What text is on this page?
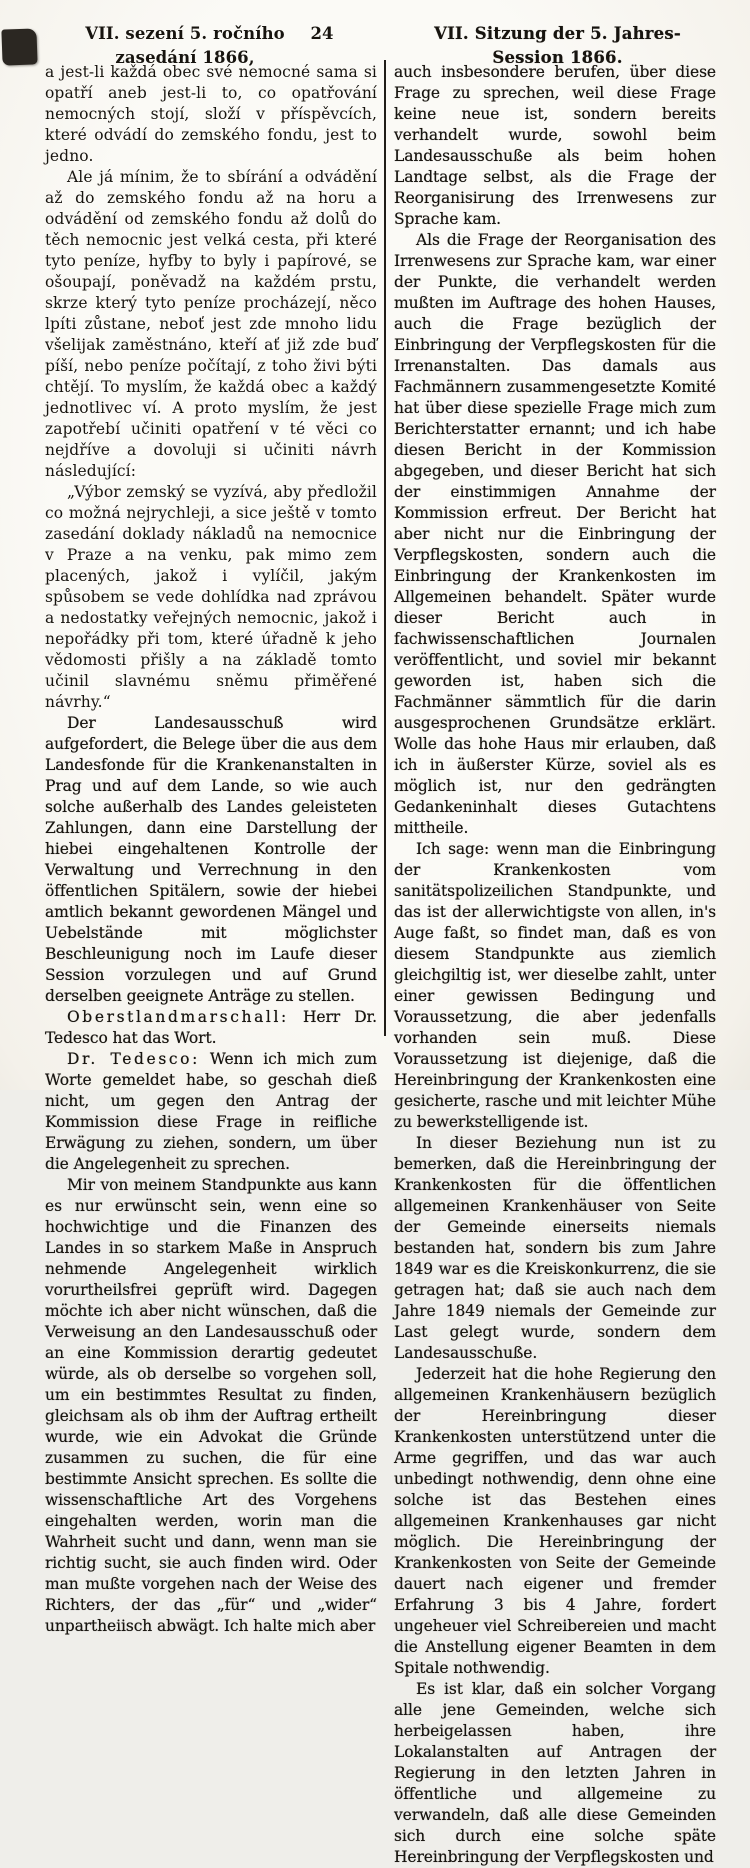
VII. sezení 5. ročního zasedání 1866,
24	VII. Sitzung der 5. Jahres-Session 1866.

a jest-li každá obec své nemocné sama si opatří aneb jest-li to, co opatřování nemocných stojí, složí v příspěvcích, které odvádí do zemského fondu, jest to jedno.

Ale já mínim, že to sbírání a odvádění až do zemského fondu až na horu a odvádění od zemského fondu až dolů do těch nemocnic jest velká cesta, při které tyto peníze, hyfby to byly i papírové, se ošoupají, poněvadž na každém prstu, skrze který tyto peníze procházejí, něco lpíti zůstane, neboť jest zde mnoho lidu všelijak zaměstnáno, kteří ať již zde buď píší, nebo peníze počítají, z toho živi býti chtějí. To myslím, že každá obec a každý jednotlivec ví. A proto myslím, že jest zapotřebí učiniti opatření v té věci co nejdříve a dovoluji si učiniti návrh následující:

„Výbor zemský se vyzívá, aby předložil co možná nejrychleji, a sice ještě v tomto zasedání doklady nákladů na nemocnice v Praze a na venku, pak mimo zem placených, jakož i vylíčil, jakým spůsobem se vede dohlídka nad zprávou a nedostatky veřejných nemocnic, jakož i nepořádky při tom, které úřadně k jeho vědomosti přišly a na základě tomto učinil slavnému sněmu přiměřené návrhy.“

Der Landesausschuß wird aufgefordert, die Belege über die aus dem Landesfonde für die Krankenanstalten in Prag und auf dem Lande, so wie auch solche außerhalb des Landes geleisteten Zahlungen, dann eine Darstellung der hiebei eingehaltenen Kontrolle der Verwaltung und Verrechnung in den öffentlichen Spitälern, sowie der hiebei amtlich bekannt gewordenen Mängel und Uebelstände mit möglichster Beschleunigung noch im Laufe dieser Session vorzulegen und auf Grund derselben geeignete Anträge zu stellen.

Oberstlandmarschall: Herr Dr. Tedesco hat das Wort.

Dr. Tedesco: Wenn ich mich zum Worte gemeldet habe, so geschah dieß nicht, um gegen den Antrag der Kommission diese Frage in reifliche Erwägung zu ziehen, sondern, um über die Angelegenheit zu sprechen.

Mir von meinem Standpunkte aus kann es nur erwünscht sein, wenn eine so hochwichtige und die Finanzen des Landes in so starkem Maße in Anspruch nehmende Angelegenheit wirklich vorurtheilsfrei geprüft wird. Dagegen möchte ich aber nicht wünschen, daß die Verweisung an den Landesausschuß oder an eine Kommission derartig gedeutet würde, als ob derselbe so vorgehen soll, um ein bestimmtes Resultat zu finden, gleichsam als ob ihm der Auftrag ertheilt wurde, wie ein Advokat die Gründe zusammen zu suchen, die für eine bestimmte Ansicht sprechen. Es sollte die wissenschaftliche Art des Vorgehens eingehalten werden, worin man die Wahrheit sucht und dann, wenn man sie richtig sucht, sie auch finden wird. Oder man mußte vorgehen nach der Weise des Richters, der das „für“ und „wider“ unpartheiisch abwägt. Ich halte mich aber

auch insbesondere berufen, über diese Frage zu sprechen, weil diese Frage keine neue ist, sondern bereits verhandelt wurde, sowohl beim Landesausschuße als beim hohen Landtage selbst, als die Frage der Reorganisirung des Irrenwesens zur Sprache kam.

Als die Frage der Reorganisation des Irrenwesens zur Sprache kam, war einer der Punkte, die verhandelt werden mußten im Auftrage des hohen Hauses, auch die Frage bezüglich der Einbringung der Verpflegskosten für die Irrenanstalten. Das damals aus Fachmännern zusammengesetzte Komité hat über diese spezielle Frage mich zum Berichterstatter ernannt; und ich habe diesen Bericht in der Kommission abgegeben, und dieser Bericht hat sich der einstimmigen Annahme der Kommission erfreut. Der Bericht hat aber nicht nur die Einbringung der Verpflegskosten, sondern auch die Einbringung der Krankenkosten im Allgemeinen behandelt. Später wurde dieser Bericht auch in fachwissenschaftlichen Journalen veröffentlicht, und soviel mir bekannt geworden ist, haben sich die Fachmänner sämmtlich für die darin ausgesprochenen Grundsätze erklärt. Wolle das hohe Haus mir erlauben, daß ich in äußerster Kürze, soviel als es möglich ist, nur den gedrängten Gedankeninhalt dieses Gutachtens mittheile.

Ich sage: wenn man die Einbringung der Krankenkosten vom sanitätspolizeilichen Standpunkte, und das ist der allerwichtigste von allen, in's Auge faßt, so findet man, daß es von diesem Standpunkte aus ziemlich gleichgiltig ist, wer dieselbe zahlt, unter einer gewissen Bedingung und Voraussetzung, die aber jedenfalls vorhanden sein muß. Diese Voraussetzung ist diejenige, daß die Hereinbringung der Krankenkosten eine gesicherte, rasche und mit leichter Mühe zu bewerkstelligende ist.

In dieser Beziehung nun ist zu bemerken, daß die Hereinbringung der Krankenkosten für die öffentlichen allgemeinen Krankenhäuser von Seite der Gemeinde einerseits niemals bestanden hat, sondern bis zum Jahre 1849 war es die Kreiskonkurrenz, die sie getragen hat; daß sie auch nach dem Jahre 1849 niemals der Gemeinde zur Last gelegt wurde, sondern dem Landesausschuße.

Jederzeit hat die hohe Regierung den allgemeinen Krankenhäusern bezüglich der Hereinbringung dieser Krankenkosten unterstützend unter die Arme gegriffen, und das war auch unbedingt nothwendig, denn ohne eine solche ist das Bestehen eines allgemeinen Krankenhauses gar nicht möglich. Die Hereinbringung der Krankenkosten von Seite der Gemeinde dauert nach eigener und fremder Erfahrung 3 bis 4 Jahre, fordert ungeheuer viel Schreibereien und macht die Anstellung eigener Beamten in dem Spitale nothwendig.

Es ist klar, daß ein solcher Vorgang alle jene Gemeinden, welche sich herbeigelassen haben, ihre Lokalanstalten auf Antragen der Regierung in den letzten Jahren in öffentliche und allgemeine zu verwandeln, daß alle diese Gemeinden sich durch eine solche späte Hereinbringung der Verpflegskosten und
